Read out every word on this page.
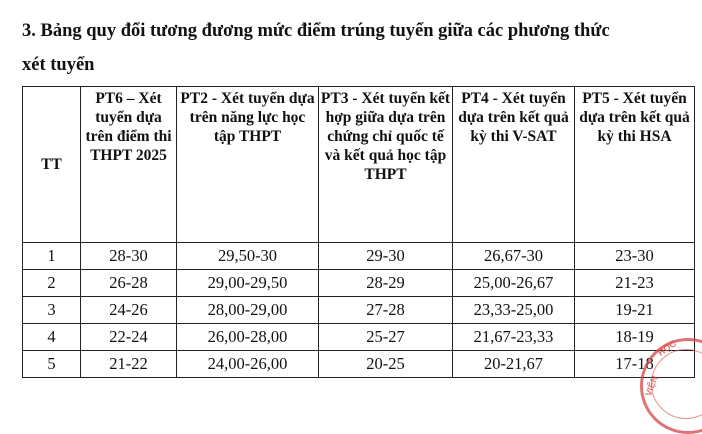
3. Bảng quy đổi tương đương mức điểm trúng tuyển giữa các phương thức
xét tuyển
TT	PT6 – Xét tuyển dựa trên điểm thi THPT 2025	PT2 - Xét tuyển dựa trên năng lực học tập THPT	PT3 - Xét tuyển kết hợp giữa dựa trên chứng chỉ quốc tế và kết quả học tập THPT	PT4 - Xét tuyển dựa trên kết quả kỳ thi V-SAT	PT5 - Xét tuyển dựa trên kết quả kỳ thi HSA

1	28-30	29,50-30	29-30	26,67-30	23-30
2	26-28	29,00-29,50	28-29	25,00-26,67	21-23
3	24-26	28,00-29,00	27-28	23,33-25,00	19-21
4	22-24	26,00-28,00	25-27	21,67-23,33	18-19
5	21-22	24,00-26,00	20-25	20-21,67	17-18
HỌC
VIỆN
